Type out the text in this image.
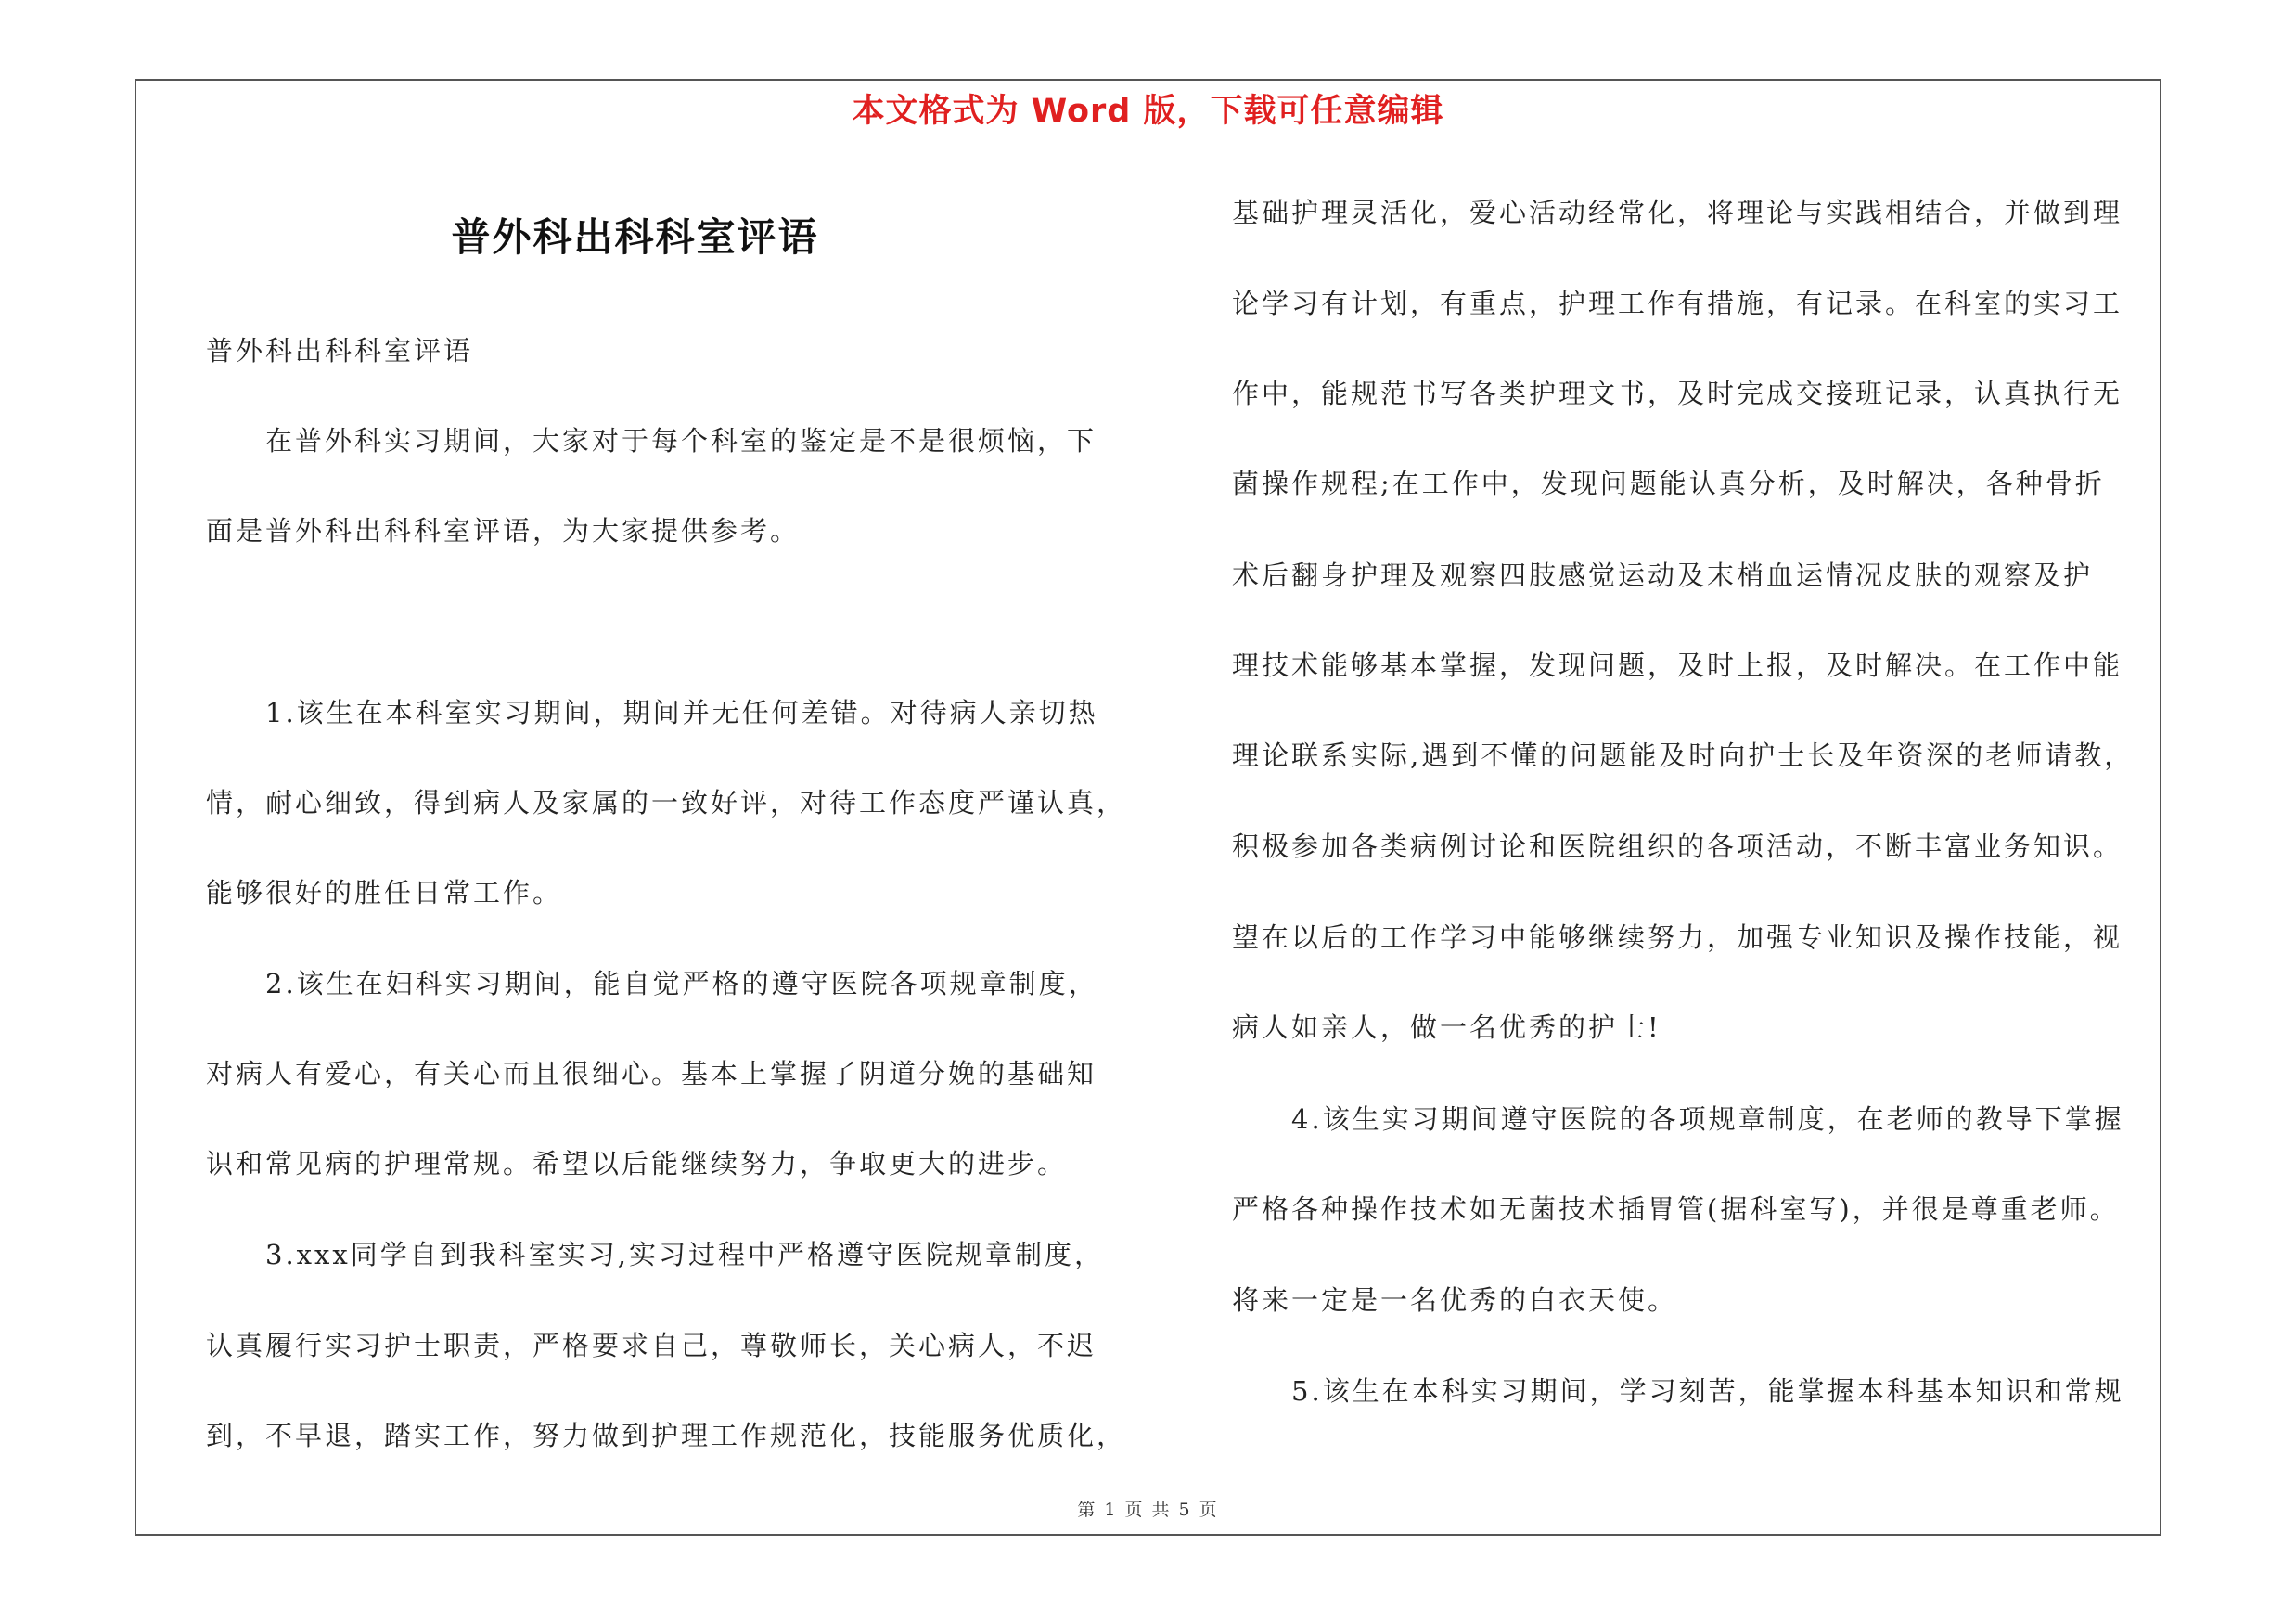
本文格式为 Word 版，下载可任意编辑
普外科出科科室评语
普外科出科科室评语
　　在普外科实习期间，大家对于每个科室的鉴定是不是很烦恼，下
面是普外科出科科室评语，为大家提供参考。
　　1.该生在本科室实习期间，期间并无任何差错。对待病人亲切热
情，耐心细致，得到病人及家属的一致好评，对待工作态度严谨认真，
能够很好的胜任日常工作。
　　2.该生在妇科实习期间，能自觉严格的遵守医院各项规章制度，
对病人有爱心，有关心而且很细心。基本上掌握了阴道分娩的基础知
识和常见病的护理常规。希望以后能继续努力，争取更大的进步。
　　3.xxx同学自到我科室实习,实习过程中严格遵守医院规章制度，
认真履行实习护士职责，严格要求自己，尊敬师长，关心病人，不迟
到，不早退，踏实工作，努力做到护理工作规范化，技能服务优质化，
基础护理灵活化，爱心活动经常化，将理论与实践相结合，并做到理
论学习有计划，有重点，护理工作有措施，有记录。在科室的实习工
作中，能规范书写各类护理文书，及时完成交接班记录，认真执行无
菌操作规程;在工作中，发现问题能认真分析，及时解决，各种骨折
术后翻身护理及观察四肢感觉运动及末梢血运情况皮肤的观察及护
理技术能够基本掌握，发现问题，及时上报，及时解决。在工作中能
理论联系实际,遇到不懂的问题能及时向护士长及年资深的老师请教，
积极参加各类病例讨论和医院组织的各项活动，不断丰富业务知识。
望在以后的工作学习中能够继续努力，加强专业知识及操作技能，视
病人如亲人，做一名优秀的护士!
　　4.该生实习期间遵守医院的各项规章制度，在老师的教导下掌握
严格各种操作技术如无菌技术插胃管(据科室写)，并很是尊重老师。
将来一定是一名优秀的白衣天使。
　　5.该生在本科实习期间，学习刻苦，能掌握本科基本知识和常规
第 1 页 共 5 页
